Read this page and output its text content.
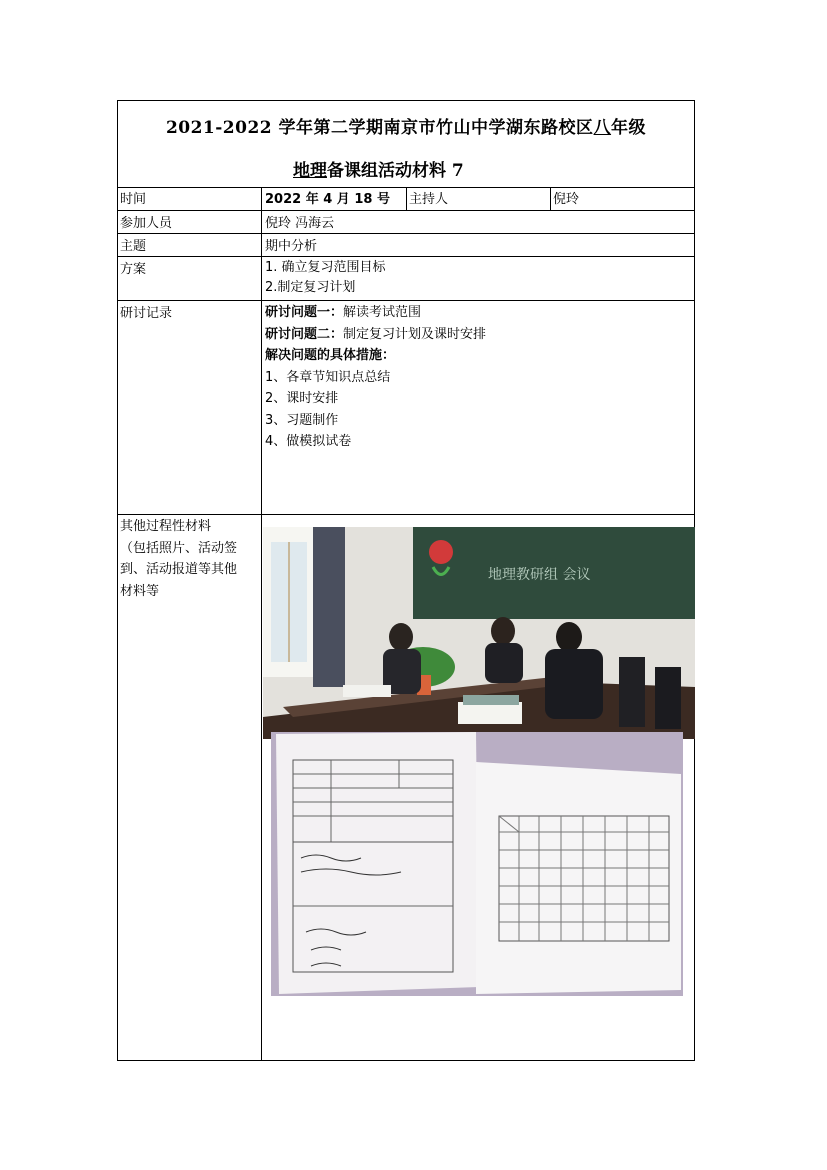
2021-2022 学年第二学期南京市竹山中学湖东路校区八年级
地理备课组活动材料 7
时间	2022 年 4 月 18 号	主持人	倪玲
参加人员	倪玲 冯海云
主题	期中分析
方案	1. 确立复习范围目标
2.制定复习计划
研讨记录	研讨问题一：解读考试范围
研讨问题二：制定复习计划及课时安排
解决问题的具体措施：
1、各章节知识点总结
2、课时安排
3、习题制作
4、做模拟试卷
其他过程性材料
（包括照片、活动签
到、活动报道等其他
材料等
地理教研组 会议
